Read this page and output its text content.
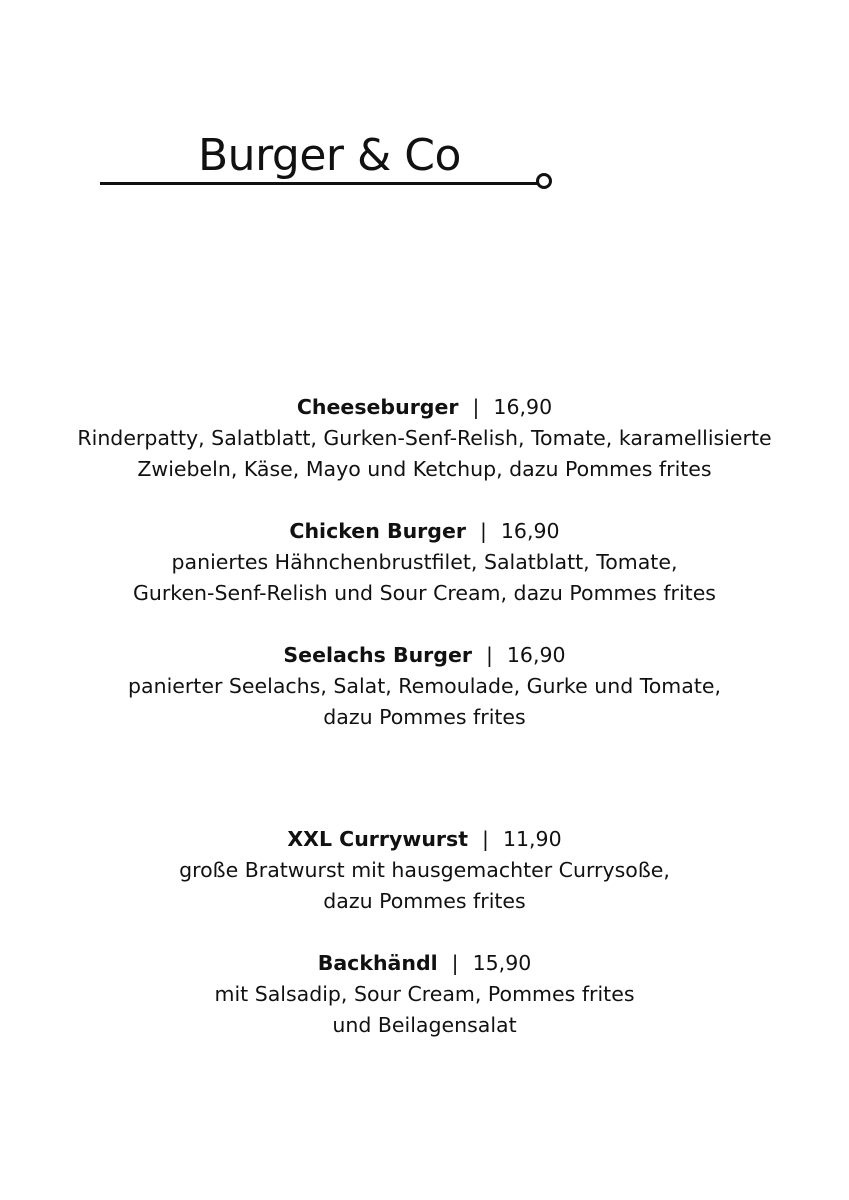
Burger & Co
Cheeseburger | 16,90
Rinderpatty, Salatblatt, Gurken-Senf-Relish, Tomate, karamellisierte
Zwiebeln, Käse, Mayo und Ketchup, dazu Pommes frites
Chicken Burger | 16,90
paniertes Hähnchenbrustfilet, Salatblatt, Tomate,
Gurken-Senf-Relish und Sour Cream, dazu Pommes frites
Seelachs Burger | 16,90
panierter Seelachs, Salat, Remoulade, Gurke und Tomate,
dazu Pommes frites
XXL Currywurst | 11,90
große Bratwurst mit hausgemachter Currysoße,
dazu Pommes frites
Backhändl | 15,90
mit Salsadip, Sour Cream, Pommes frites
und Beilagensalat
